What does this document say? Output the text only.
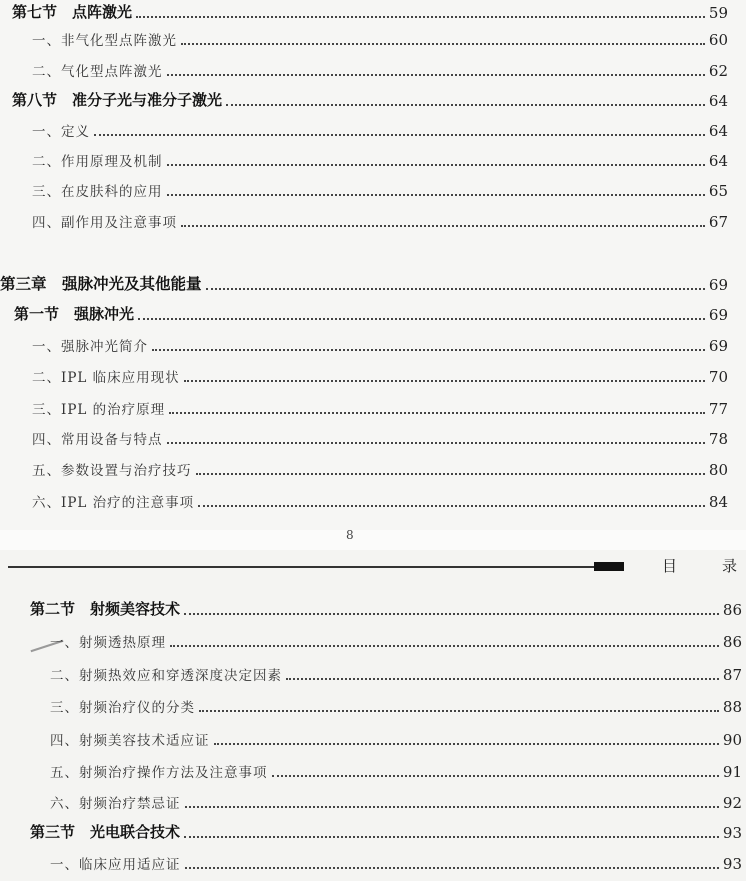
第七节　点阵激光	59
一、非气化型点阵激光	60
二、气化型点阵激光	62
第八节　准分子光与准分子激光	64
一、定义	64
二、作用原理及机制	64
三、在皮肤科的应用	65
四、副作用及注意事项	67
第三章　强脉冲光及其他能量	69
第一节　强脉冲光	69
一、强脉冲光简介	69
二、IPL 临床应用现状	70
三、IPL 的治疗原理	77
四、常用设备与特点	78
五、参数设置与治疗技巧	80
六、IPL 治疗的注意事项	84
8
目	录
第二节　射频美容技术	86
一、射频透热原理	86
二、射频热效应和穿透深度决定因素	87
三、射频治疗仪的分类	88
四、射频美容技术适应证	90
五、射频治疗操作方法及注意事项	91
六、射频治疗禁忌证	92
第三节　光电联合技术	93
一、临床应用适应证	93
